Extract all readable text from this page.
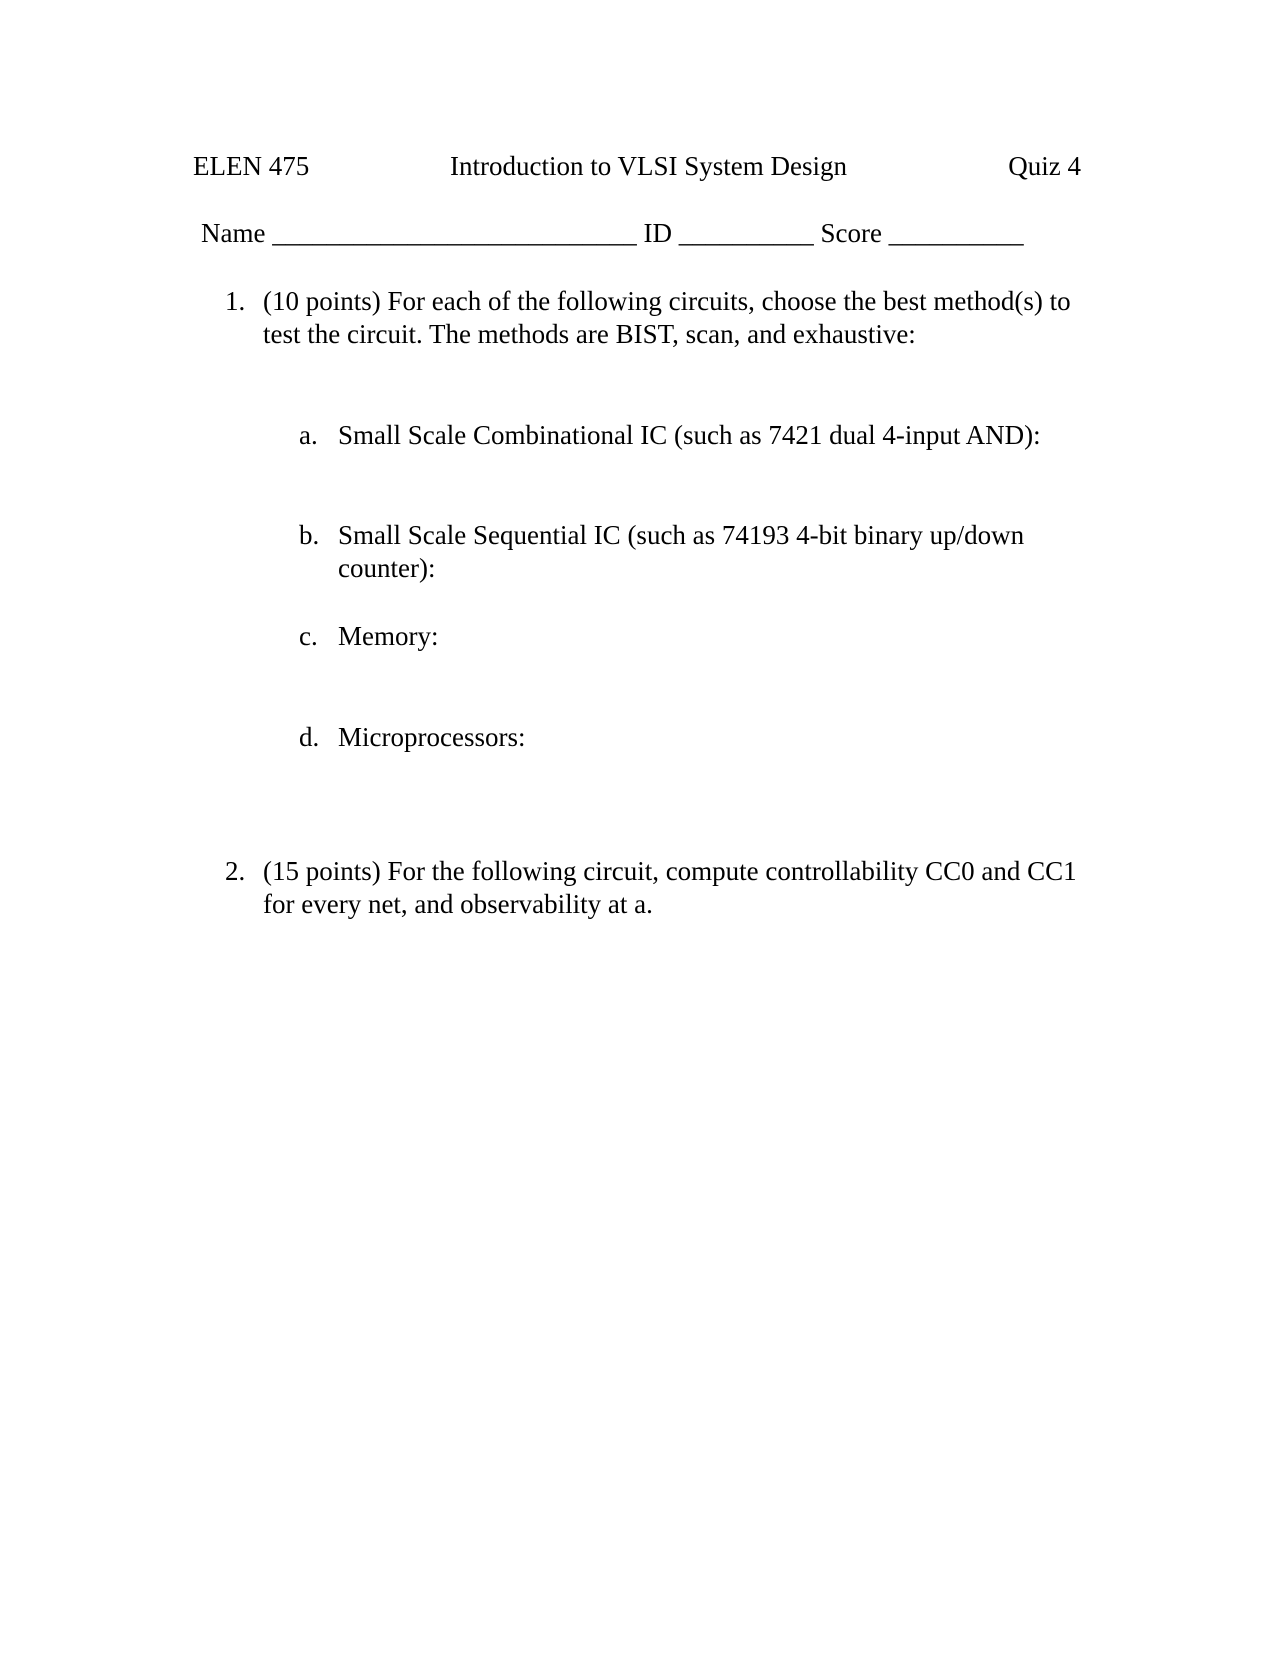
ELEN 475	Introduction to VLSI System Design	Quiz 4
Name ___________________________ ID __________ Score __________
1. (10 points) For each of the following circuits, choose the best method(s) to test the circuit. The methods are BIST, scan, and exhaustive:
a. Small Scale Combinational IC (such as 7421 dual 4-input AND):
b. Small Scale Sequential IC (such as 74193 4-bit binary up/down counter):
c. Memory:
d. Microprocessors:
2. (15 points) For the following circuit, compute controllability CC0 and CC1 for every net, and observability at a.
